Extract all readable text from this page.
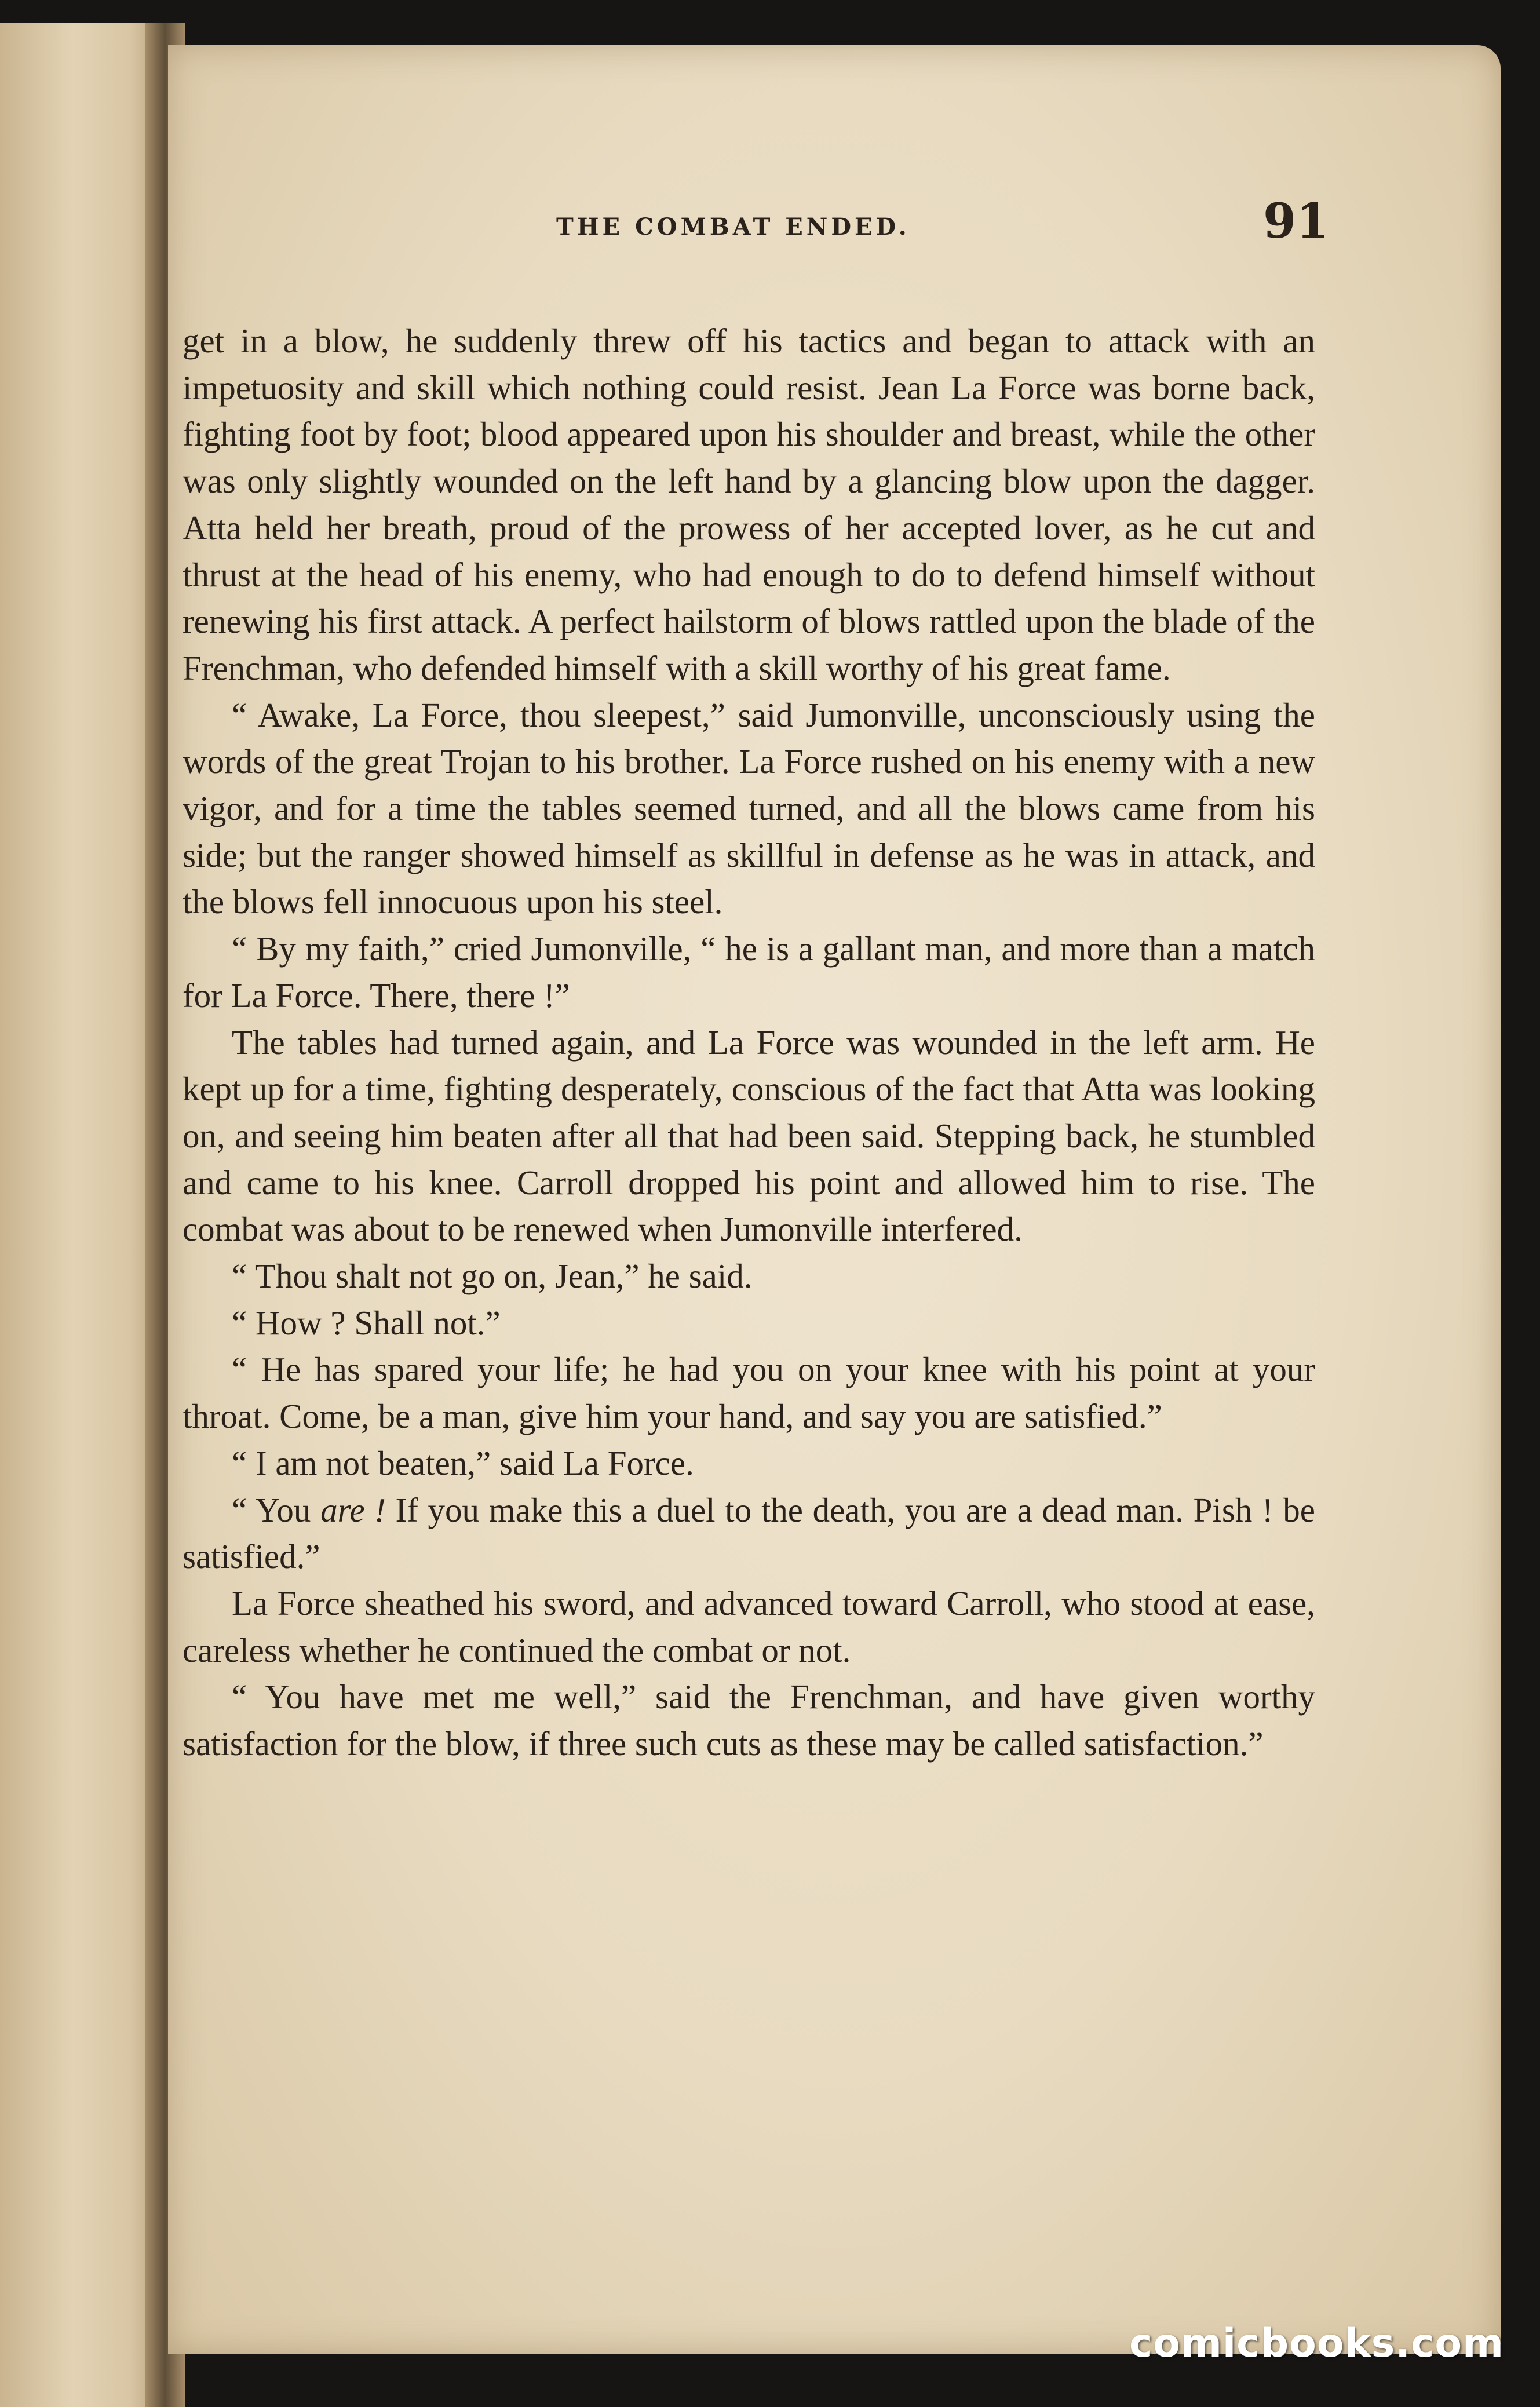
THE COMBAT ENDED.	91

get in a blow, he suddenly threw off his tactics and began to attack with an impetuosity and skill which nothing could resist. Jean La Force was borne back, fighting foot by foot; blood appeared upon his shoulder and breast, while the other was only slightly wounded on the left hand by a glancing blow upon the dagger. Atta held her breath, proud of the prowess of her accepted lover, as he cut and thrust at the head of his enemy, who had enough to do to defend himself without renewing his first attack. A perfect hailstorm of blows rattled upon the blade of the Frenchman, who defended himself with a skill worthy of his great fame.

“ Awake, La Force, thou sleepest,” said Jumonville, unconsciously using the words of the great Trojan to his brother. La Force rushed on his enemy with a new vigor, and for a time the tables seemed turned, and all the blows came from his side; but the ranger showed himself as skillful in defense as he was in attack, and the blows fell innocuous upon his steel.

“ By my faith,” cried Jumonville, “ he is a gallant man, and more than a match for La Force. There, there !”

The tables had turned again, and La Force was wounded in the left arm. He kept up for a time, fighting desperately, conscious of the fact that Atta was looking on, and seeing him beaten after all that had been said. Stepping back, he stumbled and came to his knee. Carroll dropped his point and allowed him to rise. The combat was about to be renewed when Jumonville interfered.

“ Thou shalt not go on, Jean,” he said.

“ How ? Shall not.”

“ He has spared your life; he had you on your knee with his point at your throat. Come, be a man, give him your hand, and say you are satisfied.”

“ I am not beaten,” said La Force.

“ You are ! If you make this a duel to the death, you are a dead man. Pish ! be satisfied.”

La Force sheathed his sword, and advanced toward Carroll, who stood at ease, careless whether he continued the combat or not.

“ You have met me well,” said the Frenchman, and have given worthy satisfaction for the blow, if three such cuts as these may be called satisfaction.”

comicbooks.com
